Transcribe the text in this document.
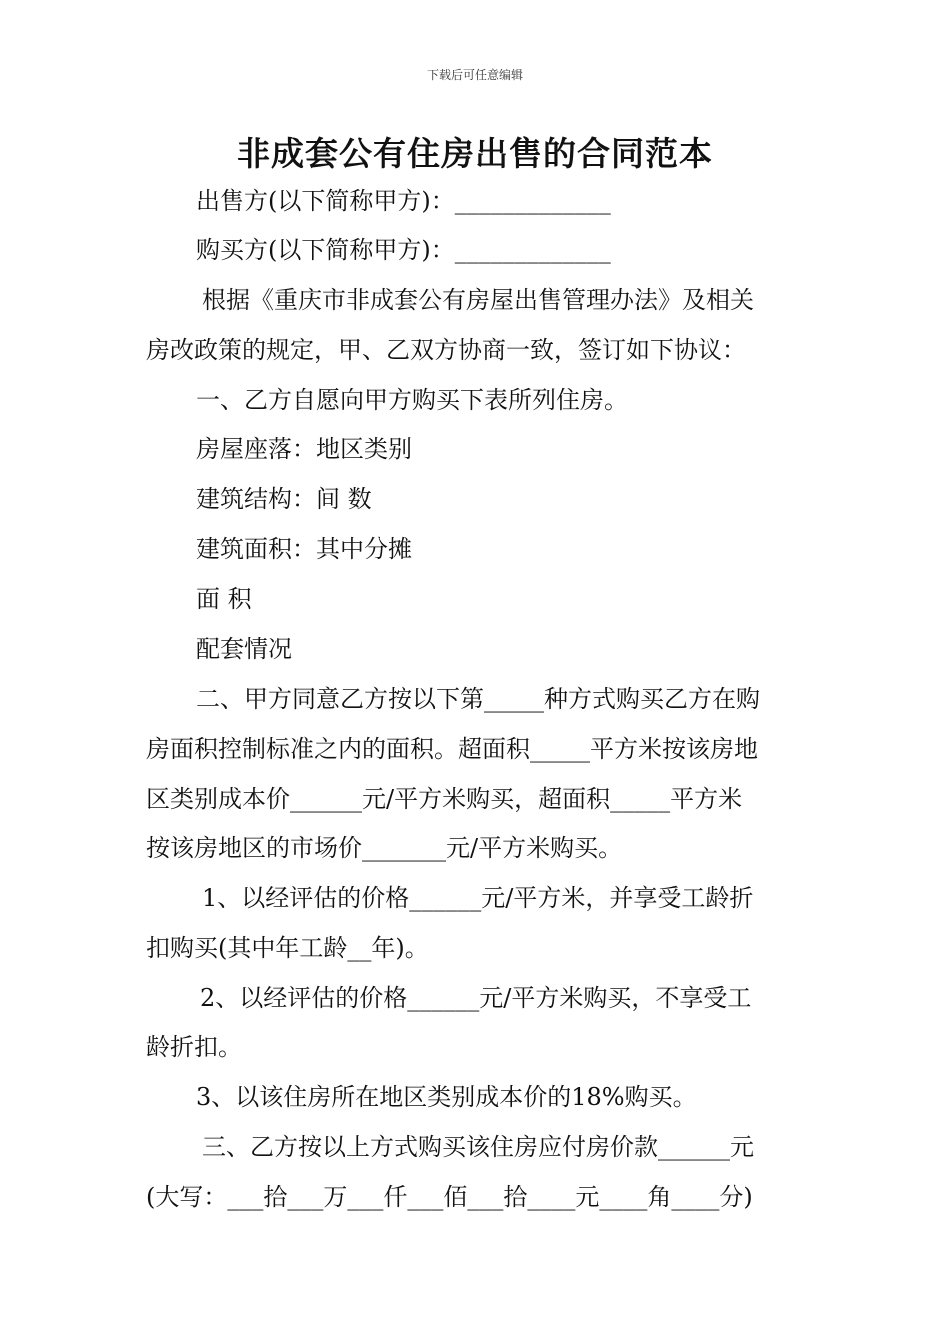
下载后可任意编辑
非成套公有住房出售的合同范本
出售方(以下简称甲方)：_____________
购买方(以下简称甲方)：_____________
根据《重庆市非成套公有房屋出售管理办法》及相关
房改政策的规定，甲、乙双方协商一致，签订如下协议：
一、乙方自愿向甲方购买下表所列住房。
房屋座落：地区类别
建筑结构：间 数
建筑面积：其中分摊
面 积
配套情况
二、甲方同意乙方按以下第_____种方式购买乙方在购
房面积控制标准之内的面积。超面积_____平方米按该房地
区类别成本价______元/平方米购买，超面积_____平方米
按该房地区的市场价_______元/平方米购买。
1、以经评估的价格______元/平方米，并享受工龄折
扣购买(其中年工龄__年)。
2、以经评估的价格______元/平方米购买，不享受工
龄折扣。
3、以该住房所在地区类别成本价的18%购买。
三、乙方按以上方式购买该住房应付房价款______元
(大写：___拾___万___仟___佰___拾____元____角____分)
